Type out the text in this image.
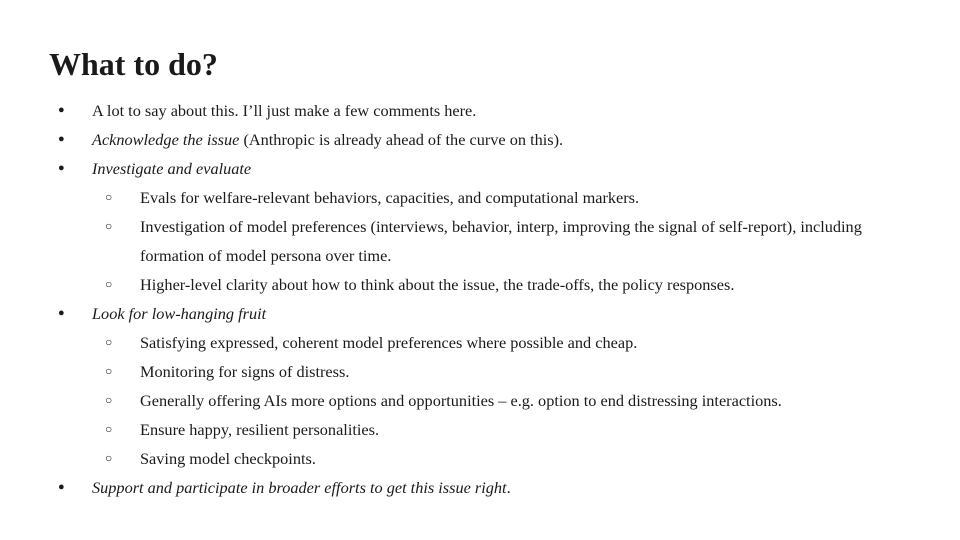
What to do?
● A lot to say about this. I’ll just make a few comments here.
● Acknowledge the issue (Anthropic is already ahead of the curve on this).
● Investigate and evaluate
○ Evals for welfare-relevant behaviors, capacities, and computational markers.
○ Investigation of model preferences (interviews, behavior, interp, improving the signal of self-report), including formation of model persona over time.
○ Higher-level clarity about how to think about the issue, the trade-offs, the policy responses.
● Look for low-hanging fruit
○ Satisfying expressed, coherent model preferences where possible and cheap.
○ Monitoring for signs of distress.
○ Generally offering AIs more options and opportunities – e.g. option to end distressing interactions.
○ Ensure happy, resilient personalities.
○ Saving model checkpoints.
● Support and participate in broader efforts to get this issue right.
